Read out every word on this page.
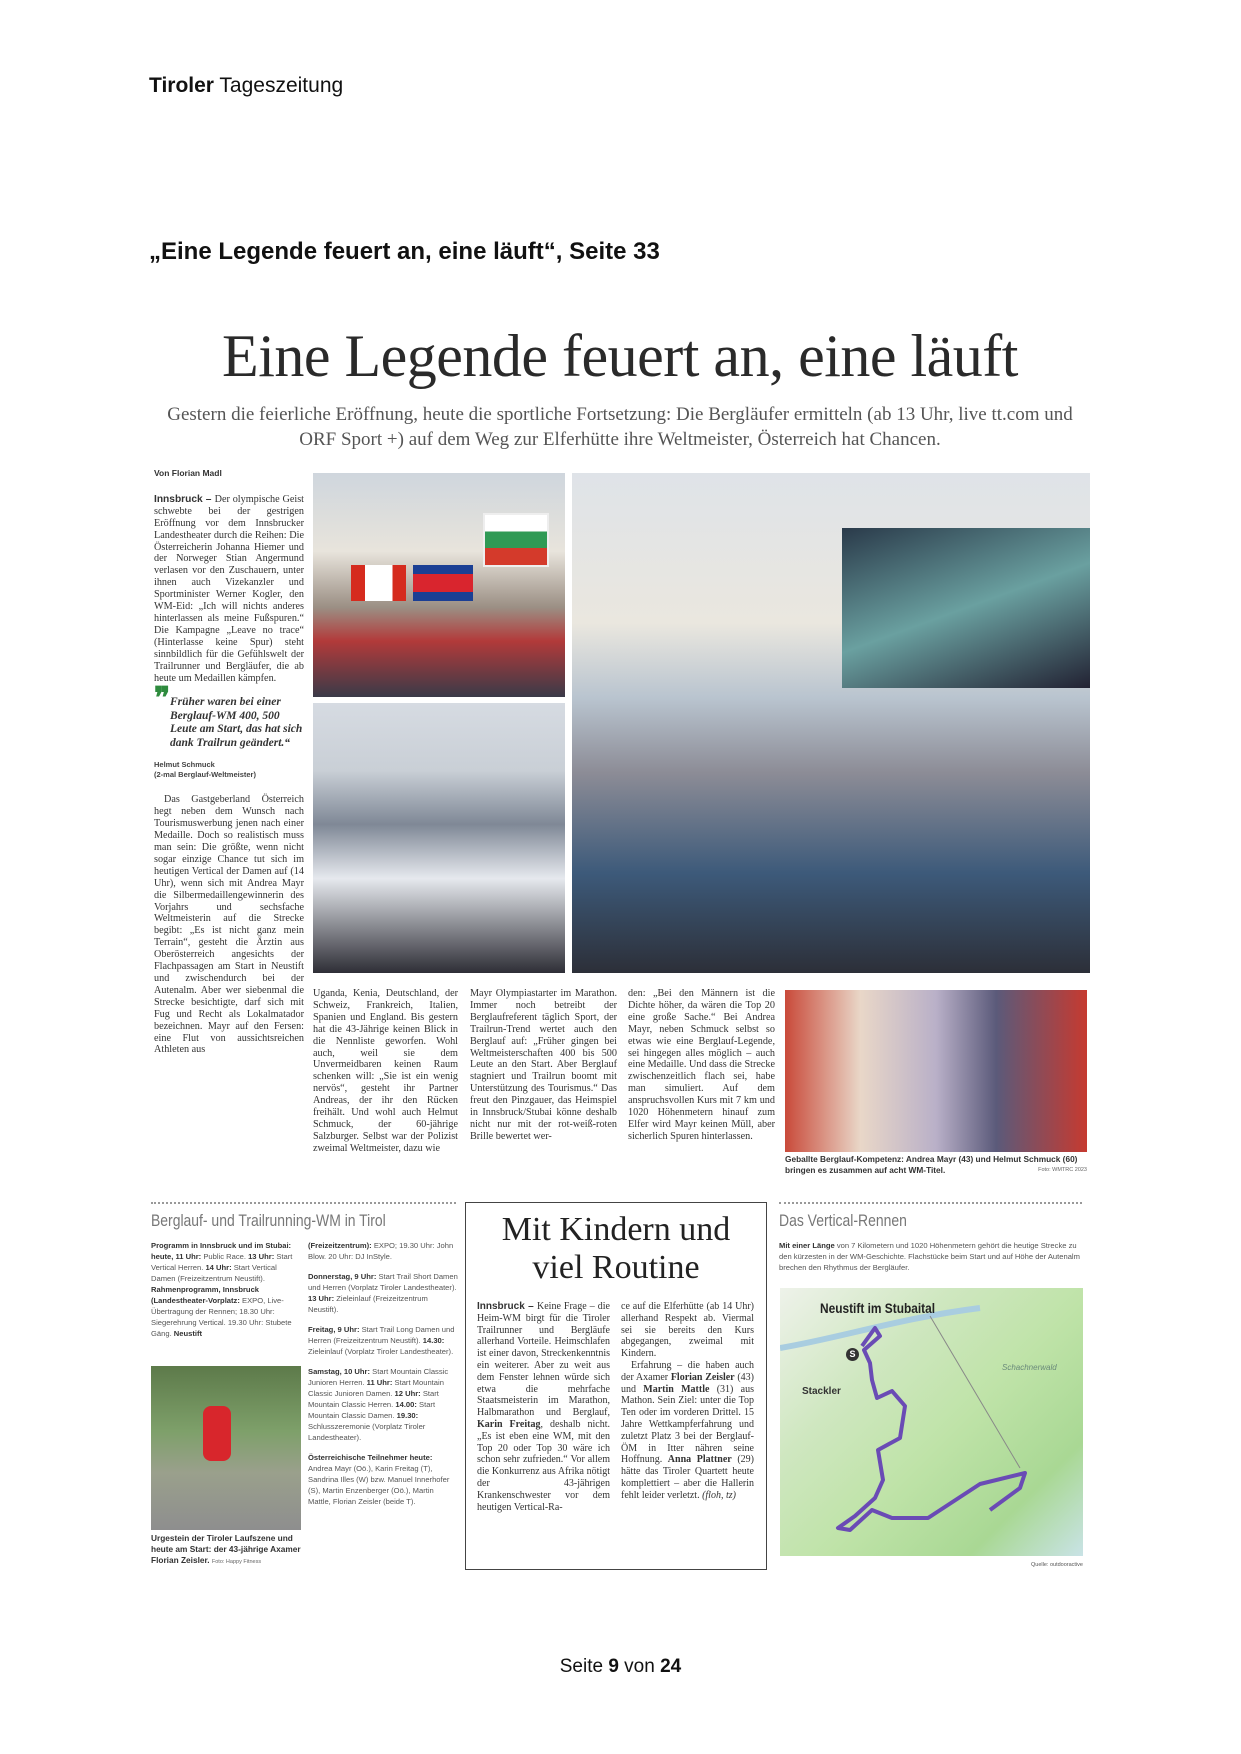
Tiroler Tageszeitung
„Eine Legende feuert an, eine läuft“, Seite 33
Eine Legende feuert an, eine läuft
Gestern die feierliche Eröffnung, heute die sportliche Fortsetzung: Die Bergläufer ermitteln (ab 13 Uhr, live tt.com und ORF Sport +) auf dem Weg zur Elferhütte ihre Weltmeister, Österreich hat Chancen.

Von Florian Madl

Innsbruck – Der olympische Geist schwebte bei der gestrigen Eröffnung vor dem Innsbrucker Landestheater durch die Reihen: Die Österreicherin Johanna Hiemer und der Norweger Stian Angermund verlasen vor den Zuschauern, unter ihnen auch Vizekanzler und Sportminister Werner Kogler, den WM-Eid: „Ich will nichts anderes hinterlassen als meine Fußspuren.“ Die Kampagne „Leave no trace“ (Hinterlasse keine Spur) steht sinnbildlich für die Gefühlswelt der Trailrunner und Bergläufer, die ab heute um Medaillen kämpfen.

❞ Früher waren bei einer Berglauf-WM 400, 500 Leute am Start, das hat sich dank Trailrun geändert.“

Helmut Schmuck
(2-mal Berglauf-Weltmeister)

Das Gastgeberland Österreich hegt neben dem Wunsch nach Tourismuswerbung jenen nach einer Medaille. Doch so realistisch muss man sein: Die größte, wenn nicht sogar einzige Chance tut sich im heutigen Vertical der Damen auf (14 Uhr), wenn sich mit Andrea Mayr die Silbermedaillengewinnerin des Vorjahrs und sechsfache Weltmeisterin auf die Strecke begibt: „Es ist nicht ganz mein Terrain“, gesteht die Ärztin aus Oberösterreich angesichts der Flachpassagen am Start in Neustift und zwischendurch bei der Autenalm. Aber wer siebenmal die Strecke besichtigte, darf sich mit Fug und Recht als Lokalmatador bezeichnen. Mayr auf den Fersen: eine Flut von aussichtsreichen Athleten aus

Uganda, Kenia, Deutschland, der Schweiz, Frankreich, Italien, Spanien und England. Bis gestern hat die 43-Jährige keinen Blick in die Nennliste geworfen. Wohl auch, weil sie dem Unvermeidbaren keinen Raum schenken will: „Sie ist ein wenig nervös“, gesteht ihr Partner Andreas, der ihr den Rücken freihält. Und wohl auch Helmut Schmuck, der 60-jährige Salzburger. Selbst war der Polizist zweimal Weltmeister, dazu wie
Mayr Olympiastarter im Marathon. Immer noch betreibt der Berglaufreferent täglich Sport, der Trailrun-Trend wertet auch den Berglauf auf: „Früher gingen bei Weltmeisterschaften 400 bis 500 Leute an den Start. Aber Berglauf stagniert und Trailrun boomt mit Unterstützung des Tourismus.“ Das freut den Pinzgauer, das Heimspiel in Innsbruck/Stubai könne deshalb nicht nur mit der rot-weiß-roten Brille bewertet wer-
den: „Bei den Männern ist die Dichte höher, da wären die Top 20 eine große Sache.“ Bei Andrea Mayr, neben Schmuck selbst so etwas wie eine Berglauf-Legende, sei hingegen alles möglich – auch eine Medaille. Und dass die Strecke zwischenzeitlich flach sei, habe man simuliert. Auf dem anspruchsvollen Kurs mit 7 km und 1020 Höhenmetern hinauf zum Elfer wird Mayr keinen Müll, aber sicherlich Spuren hinterlassen.
Geballte Berglauf-Kompetenz: Andrea Mayr (43) und Helmut Schmuck (60) bringen es zusammen auf acht WM-Titel.	Foto: WMTRC 2023
Berglauf- und Trailrunning-WM in Tirol

Programm in Innsbruck und im Stubai: heute, 11 Uhr: Public Race. 13 Uhr: Start Vertical Herren. 14 Uhr: Start Vertical Damen (Freizeitzentrum Neustift). Rahmenprogramm, Innsbruck (Landestheater-Vorplatz: EXPO, Live-Übertragung der Rennen; 18.30 Uhr: Siegerehrung Vertical. 19.30 Uhr: Stubete Gäng. Neustift

(Freizeitzentrum): EXPO; 19.30 Uhr: John Blow. 20 Uhr: DJ InStyle.

Donnerstag, 9 Uhr: Start Trail Short Damen und Herren (Vorplatz Tiroler Landestheater). 13 Uhr: Zieleinlauf (Freizeitzentrum Neustift).

Freitag, 9 Uhr: Start Trail Long Damen und Herren (Freizeitzentrum Neustift). 14.30: Zieleinlauf (Vorplatz Tiroler Landestheater).

Samstag, 10 Uhr: Start Mountain Classic Junioren Herren. 11 Uhr: Start Mountain Classic Junioren Damen. 12 Uhr: Start Mountain Classic Herren. 14.00: Start Mountain Classic Damen. 19.30: Schlusszeremonie (Vorplatz Tiroler Landestheater).

Österreichische Teilnehmer heute: Andrea Mayr (Oö.), Karin Freitag (T), Sandrina Illes (W) bzw. Manuel Innerhofer (S), Martin Enzenberger (Oö.), Martin Mattle, Florian Zeisler (beide T).

Urgestein der Tiroler Laufszene und heute am Start: der 43-jährige Axamer Florian Zeisler. Foto: Happy Fitness
Mit Kindern und
viel Routine
Innsbruck – Keine Frage – die Heim-WM birgt für die Tiroler Trailrunner und Bergläufe allerhand Vorteile. Heimschlafen ist einer davon, Streckenkenntnis ein weiterer. Aber zu weit aus dem Fenster lehnen würde sich etwa die mehrfache Staatsmeisterin im Marathon, Halbmarathon und Berglauf, Karin Freitag, deshalb nicht. „Es ist eben eine WM, mit den Top 20 oder Top 30 wäre ich schon sehr zufrieden.“ Vor allem die Konkurrenz aus Afrika nötigt der 43-jährigen Krankenschwester vor dem heutigen Vertical-Ra-

ce auf die Elferhütte (ab 14 Uhr) allerhand Respekt ab. Viermal sei sie bereits den Kurs abgegangen, zweimal mit Kindern.

Erfahrung – die haben auch der Axamer Florian Zeisler (43) und Martin Mattle (31) aus Mathon. Sein Ziel: unter die Top Ten oder im vorderen Drittel. 15 Jahre Wettkampferfahrung und zuletzt Platz 3 bei der Berglauf-ÖM in Itter nähren seine Hoffnung. Anna Plattner (29) hätte das Tiroler Quartett heute komplettiert – aber die Hallerin fehlt leider verletzt. (floh, tz)

Das Vertical-Rennen
Mit einer Länge von 7 Kilometern und 1020 Höhenmetern gehört die heutige Strecke zu den kürzesten in der WM-Geschichte. Flachstücke beim Start und auf Höhe der Autenalm brechen den Rhythmus der Bergläufer.
Neustift im Stubaital
Stackler
Schachnerwald
S
Quelle: outdooractive
Seite 9 von 24
